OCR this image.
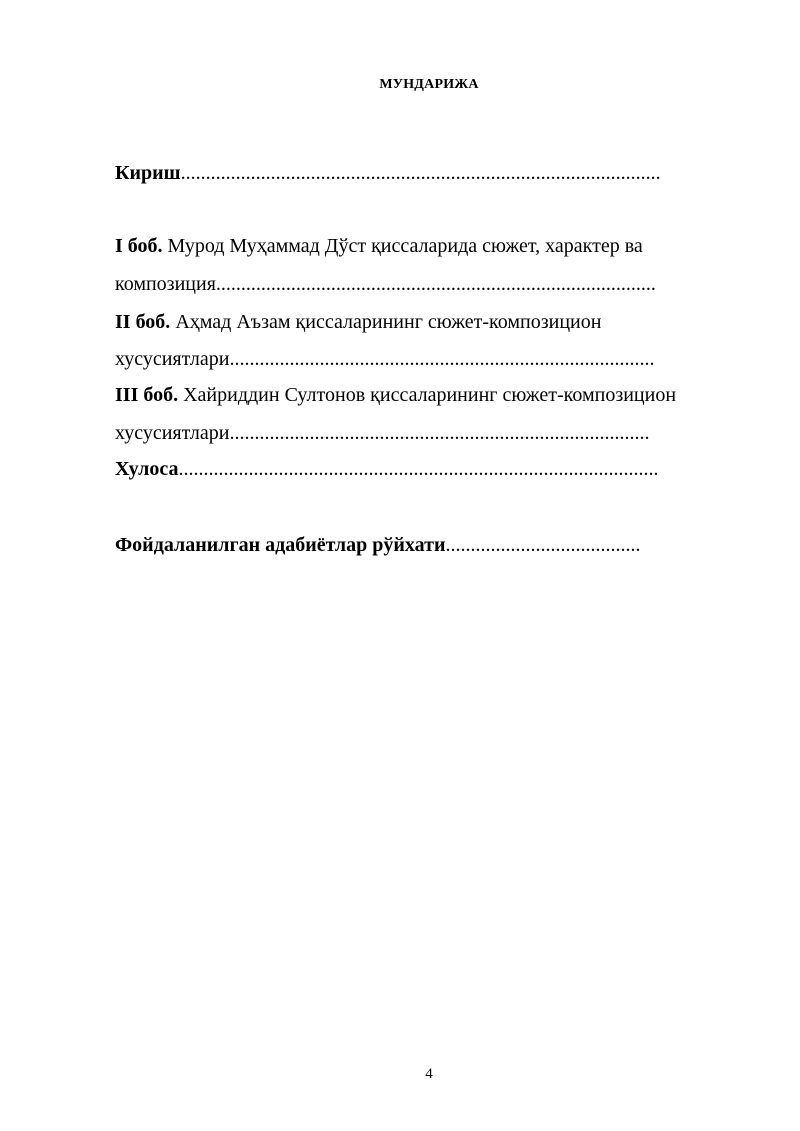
МУНДАРИЖА
Кириш................................................................................................
I боб. Мурод Муҳаммад Дўст қиссаларида сюжет, характер ва
композиция........................................................................................
II боб. Аҳмад Аъзам қиссаларининг сюжет-композицион
хусусиятлари.....................................................................................
III боб. Хайриддин Султонов қиссаларининг сюжет-композицион
хусусиятлари....................................................................................
Хулоса................................................................................................
Фойдаланилган адабиётлар рўйхати.......................................
4
